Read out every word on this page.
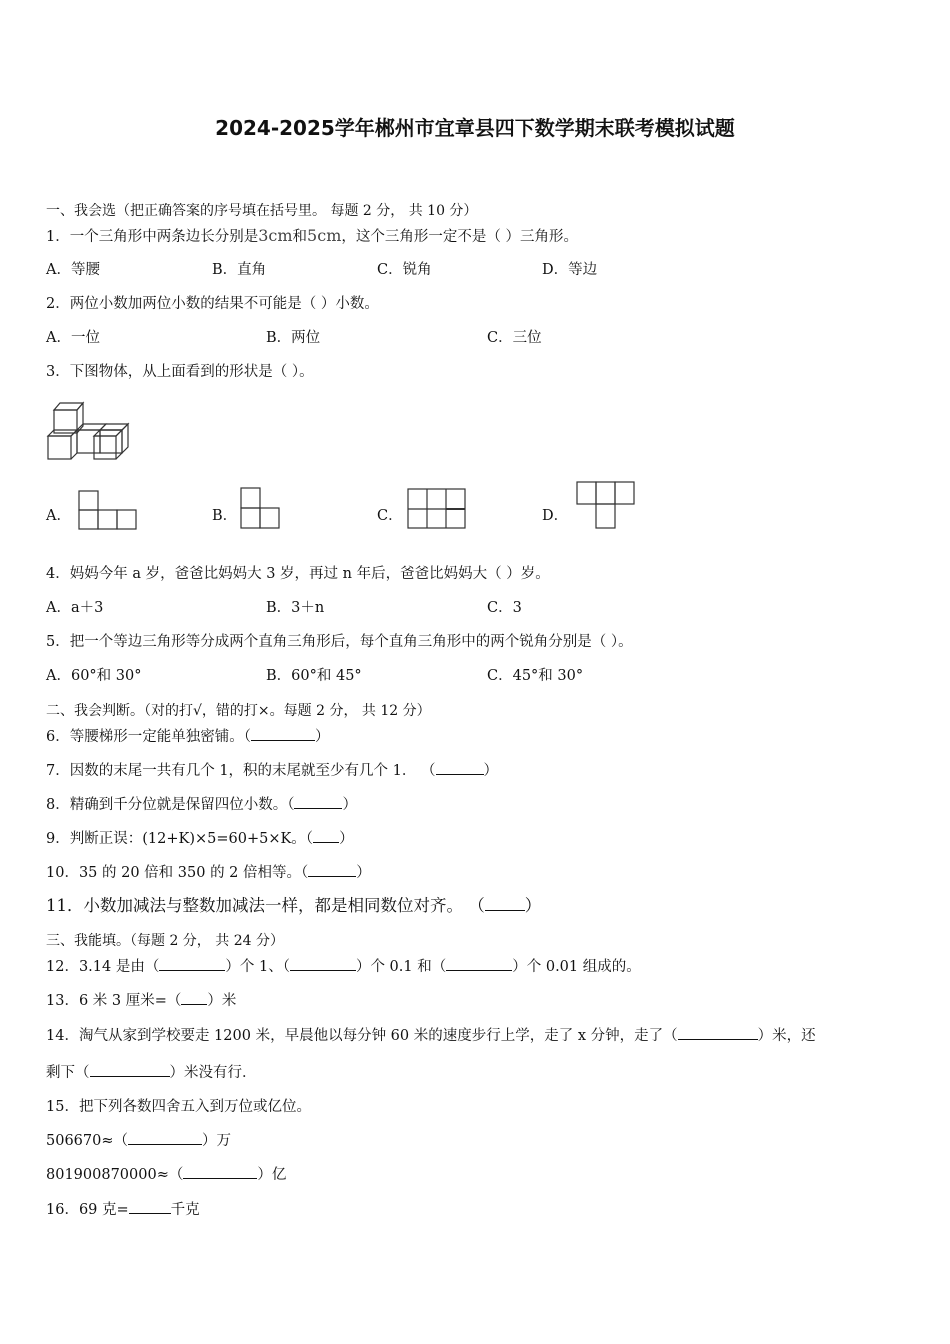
2024-2025学年郴州市宜章县四下数学期末联考模拟试题
一、我会选（把正确答案的序号填在括号里。 每题 2 分， 共 10 分）
1．一个三角形中两条边长分别是3cm和5cm，这个三角形一定不是（ ）三角形。
A．等腰	B．直角	C．锐角	D．等边
2．两位小数加两位小数的结果不可能是（ ）小数。
A．一位	B．两位	C．三位
3．下图物体，从上面看到的形状是（ ）。
A．	B．	C．	D．
4．妈妈今年 a 岁，爸爸比妈妈大 3 岁，再过 n 年后，爸爸比妈妈大（ ）岁。
A．a＋3	B．3＋n	C．3
5．把一个等边三角形等分成两个直角三角形后，每个直角三角形中的两个锐角分别是（ ）。
A．60°和 30°	B．60°和 45°	C．45°和 30°
二、我会判断。（对的打√，错的打×。每题 2 分， 共 12 分）
6．等腰梯形一定能单独密铺。（	）
7．因数的末尾一共有几个 1，积的末尾就至少有几个 1． （	）
8．精确到千分位就是保留四位小数。（	）
9．判断正误：(12+K)×5=60+5×K。（ ）
10．35 的 20 倍和 350 的 2 倍相等。（	）
11．小数加减法与整数加减法一样，都是相同数位对齐。 （ ）
三、我能填。（每题 2 分， 共 24 分）
12．3.14 是由（	）个 1、（	）个 0.1 和（	）个 0.01 组成的。
13．6 米 3 厘米=（ ）米
14．淘气从家到学校要走 1200 米，早晨他以每分钟 60 米的速度步行上学，走了 x 分钟，走了（	）米，还
剩下（	）米没有行．
15．把下列各数四舍五入到万位或亿位。
506670≈（	）万
801900870000≈（	）亿
16．69 克=	千克
